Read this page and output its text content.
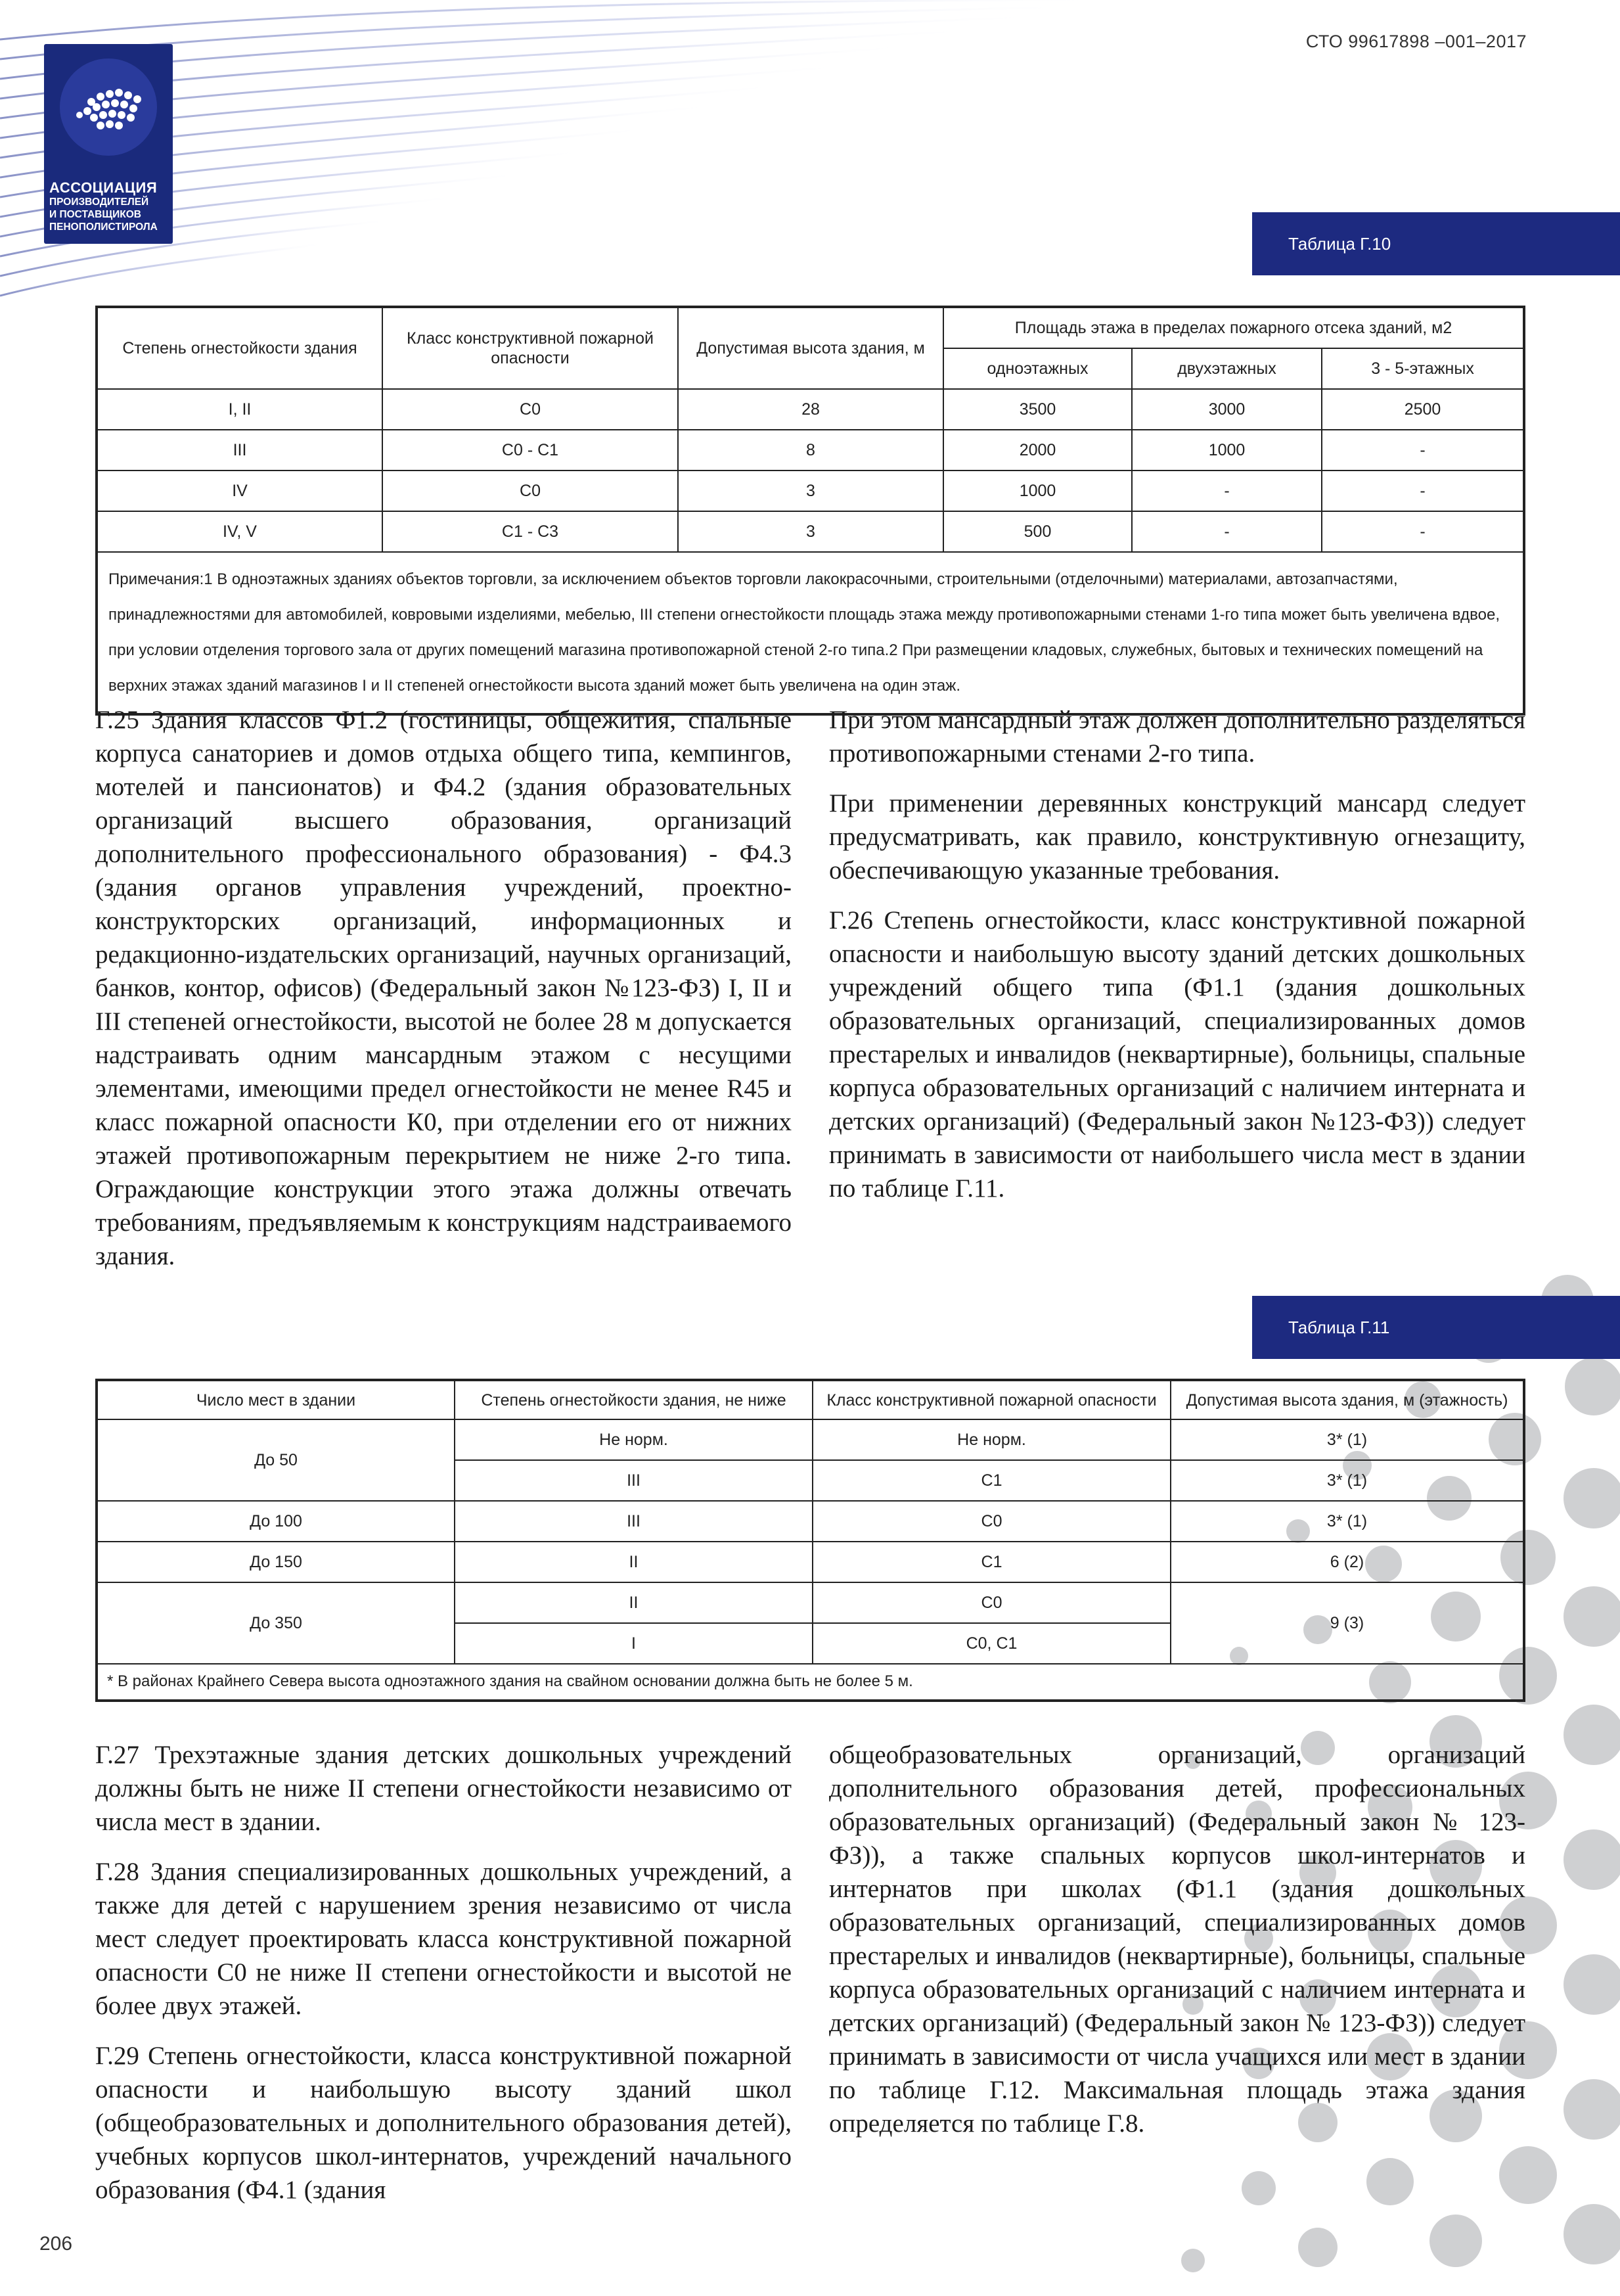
АССОЦИАЦИЯ
ПРОИЗВОДИТЕЛЕЙ
И ПОСТАВЩИКОВ
ПЕНОПОЛИСТИРОЛА
СТО 99617898 –001–2017
Таблица Г.10
Степень огнестойкости здания	Класс конструктивной пожарной опасности	Допустимая высота здания, м	Площадь этажа в пределах пожарного отсека зданий, м2		
			одноэтажных	двухэтажных	3 - 5-этажных
I, II	С0	28	3500	3000	2500
III	С0 - С1	8	2000	1000	-
IV	С0	3	1000	-	-
IV, V	С1 - С3	3	500	-	-
Примечания:1 В одноэтажных зданиях объектов торговли, за исключением объектов торговли лакокрасочными, строительными (отделочными) материалами, автозапчастями, принадлежностями для автомобилей, ковровыми изделиями, мебелью, III степени огнестойкости площадь этажа между противопожарными стенами 1-го типа может быть увеличена вдвое, при условии отделения торгового зала от других помещений магазина противопожарной стеной 2-го типа.2 При размещении кладовых, служебных, бытовых и технических помещений на верхних этажах зданий магазинов I и II степеней огнестойкости высота зданий может быть увеличена на один этаж.					

Г.25 Здания классов Ф1.2 (гостиницы, общежития, спальные корпуса санаториев и домов отдыха общего типа, кемпингов, мотелей и пансионатов) и Ф4.2 (здания образовательных организаций высшего образования, организаций дополнительного профессионального образования) - Ф4.3 (здания органов управления учреждений, проектно-конструкторских организаций, информационных и редакционно-издательских организаций, научных организаций, банков, контор, офисов) (Федеральный закон №123-ФЗ) I, II и III степеней огнестойкости, высотой не более 28 м допускается надстраивать одним мансардным этажом с несущими элементами, имеющими предел огнестойкости не менее R45 и класс пожарной опасности К0, при отделении его от нижних этажей противопожарным перекрытием не ниже 2-го типа. Ограждающие конструкции этого этажа должны отвечать требованиям, предъявляемым к конструкциям надстраиваемого здания.

При этом мансардный этаж должен дополнительно разделяться противопожарными стенами 2-го типа.

При применении деревянных конструкций мансард следует предусматривать, как правило, конструктивную огнезащиту, обеспечивающую указанные требования.

Г.26 Степень огнестойкости, класс конструктивной пожарной опасности и наибольшую высоту зданий детских дошкольных учреждений общего типа (Ф1.1 (здания дошкольных образовательных организаций, специализированных домов престарелых и инвалидов (неквартирные), больницы, спальные корпуса образовательных организаций с наличием интерната и детских организаций) (Федеральный закон №123-ФЗ)) следует принимать в зависимости от наибольшего числа мест в здании по таблице Г.11.

Таблица Г.11
Число мест в здании	Степень огнестойкости здания, не ниже	Класс конструктивной пожарной опасности	Допустимая высота здания, м (этажность)
До 50	Не норм.	Не норм.	3* (1)
	III	С1	3* (1)
До 100	III	С0	3* (1)
До 150	II	С1	6 (2)
До 350	II	С0	9 (3)
	I	С0, С1	
* В районах Крайнего Севера высота одноэтажного здания на свайном основании должна быть не более 5 м.			

Г.27 Трехэтажные здания детских дошкольных учреждений должны быть не ниже II степени огнестойкости независимо от числа мест в здании.

Г.28 Здания специализированных дошкольных учреждений, а также для детей с нарушением зрения независимо от числа мест следует проектировать класса конструктивной пожарной опасности С0 не ниже II степени огнестойкости и высотой не более двух этажей.

Г.29 Степень огнестойкости, класса конструктивной пожарной опасности и наибольшую высоту зданий школ (общеобразовательных и дополнительного образования детей), учебных корпусов школ-интернатов, учреждений начального образования (Ф4.1 (здания

общеобразовательных организаций, организаций дополнительного образования детей, профессиональных образовательных организаций) (Федеральный закон № 123-ФЗ)), а также спальных корпусов школ-интернатов и интернатов при школах (Ф1.1 (здания дошкольных образовательных организаций, специализированных домов престарелых и инвалидов (неквартирные), больницы, спальные корпуса образовательных организаций с наличием интерната и детских организаций) (Федеральный закон № 123-ФЗ)) следует принимать в зависимости от числа учащихся или мест в здании по таблице Г.12. Максимальная площадь этажа здания определяется по таблице Г.8.

206
